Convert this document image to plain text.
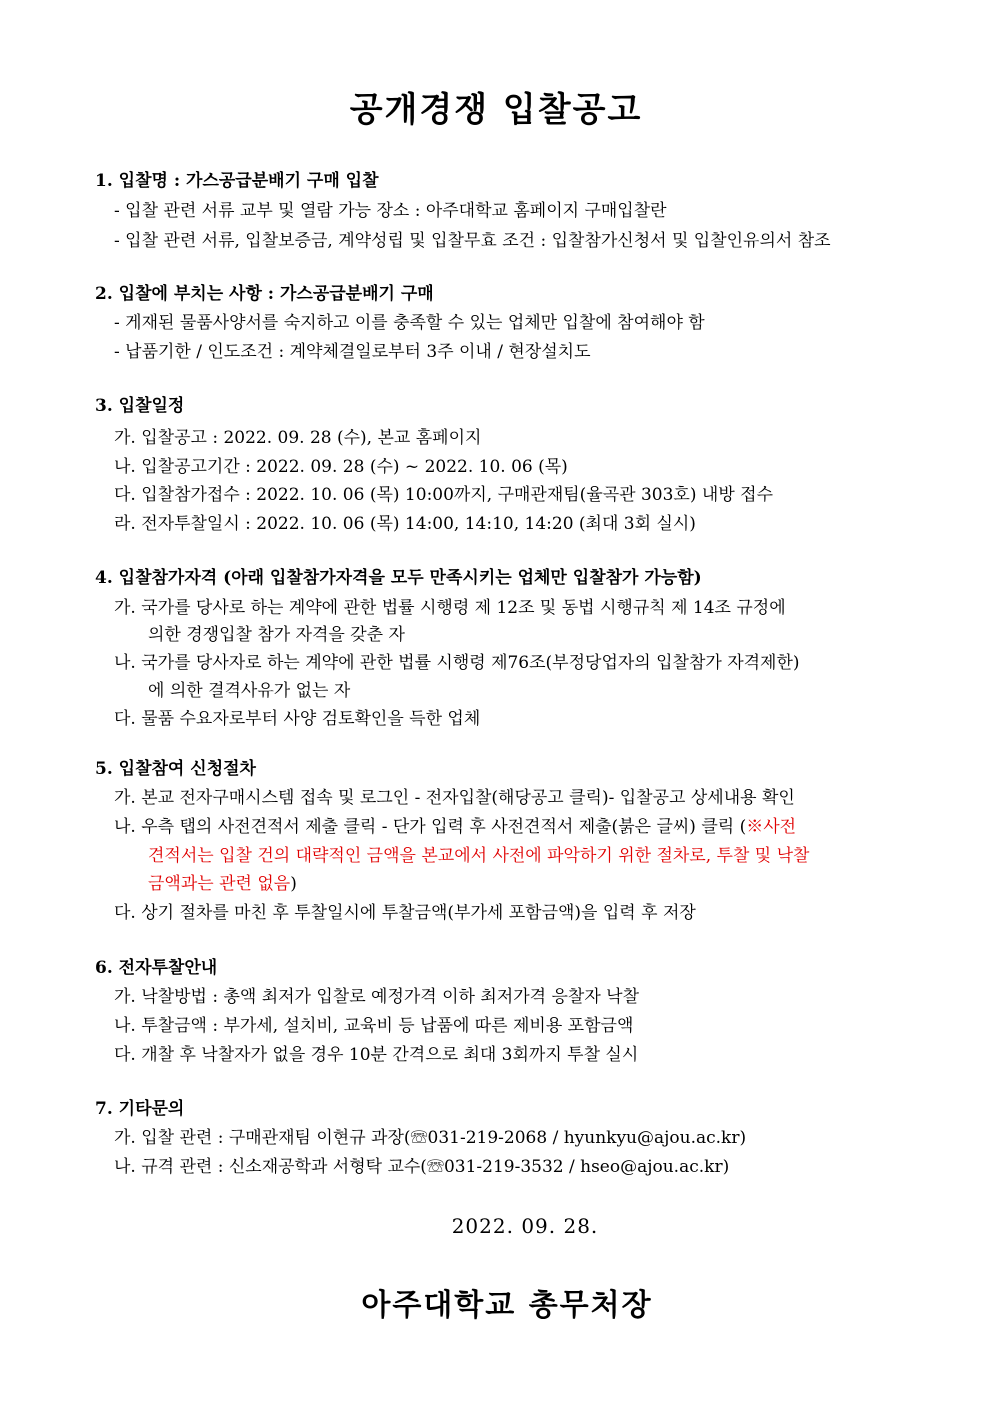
공개경쟁 입찰공고
1. 입찰명 : 가스공급분배기 구매 입찰
- 입찰 관련 서류 교부 및 열람 가능 장소 : 아주대학교 홈페이지 구매입찰란
- 입찰 관련 서류, 입찰보증금, 계약성립 및 입찰무효 조건 : 입찰참가신청서 및 입찰인유의서 참조
2. 입찰에 부치는 사항 : 가스공급분배기 구매
- 게재된 물품사양서를 숙지하고 이를 충족할 수 있는 업체만 입찰에 참여해야 함
- 납품기한 / 인도조건 : 계약체결일로부터 3주 이내 / 현장설치도
3. 입찰일정
가. 입찰공고 : 2022. 09. 28 (수), 본교 홈페이지
나. 입찰공고기간 : 2022. 09. 28 (수) ~ 2022. 10. 06 (목)
다. 입찰참가접수 : 2022. 10. 06 (목) 10:00까지, 구매관재팀(율곡관 303호) 내방 접수
라. 전자투찰일시 : 2022. 10. 06 (목) 14:00, 14:10, 14:20 (최대 3회 실시)
4. 입찰참가자격 (아래 입찰참가자격을 모두 만족시키는 업체만 입찰참가 가능함)
가. 국가를 당사로 하는 계약에 관한 법률 시행령 제 12조 및 동법 시행규칙 제 14조 규정에
의한 경쟁입찰 참가 자격을 갖춘 자
나. 국가를 당사자로 하는 계약에 관한 법률 시행령 제76조(부정당업자의 입찰참가 자격제한)
에 의한 결격사유가 없는 자
다. 물품 수요자로부터 사양 검토확인을 득한 업체
5. 입찰참여 신청절차
가. 본교 전자구매시스템 접속 및 로그인 - 전자입찰(해당공고 클릭)- 입찰공고 상세내용 확인
나. 우측 탭의 사전견적서 제출 클릭 - 단가 입력 후 사전견적서 제출(붉은 글씨) 클릭 (※사전
견적서는 입찰 건의 대략적인 금액을 본교에서 사전에 파악하기 위한 절차로, 투찰 및 낙찰
금액과는 관련 없음)
다. 상기 절차를 마친 후 투찰일시에 투찰금액(부가세 포함금액)을 입력 후 저장
6. 전자투찰안내
가. 낙찰방법 : 총액 최저가 입찰로 예정가격 이하 최저가격 응찰자 낙찰
나. 투찰금액 : 부가세, 설치비, 교육비 등 납품에 따른 제비용 포함금액
다. 개찰 후 낙찰자가 없을 경우 10분 간격으로 최대 3회까지 투찰 실시
7. 기타문의
가. 입찰 관련 : 구매관재팀 이현규 과장(☏031-219-2068 / hyunkyu@ajou.ac.kr)
나. 규격 관련 : 신소재공학과 서형탁 교수(☏031-219-3532 / hseo@ajou.ac.kr)
2022. 09. 28.
아주대학교 총무처장
